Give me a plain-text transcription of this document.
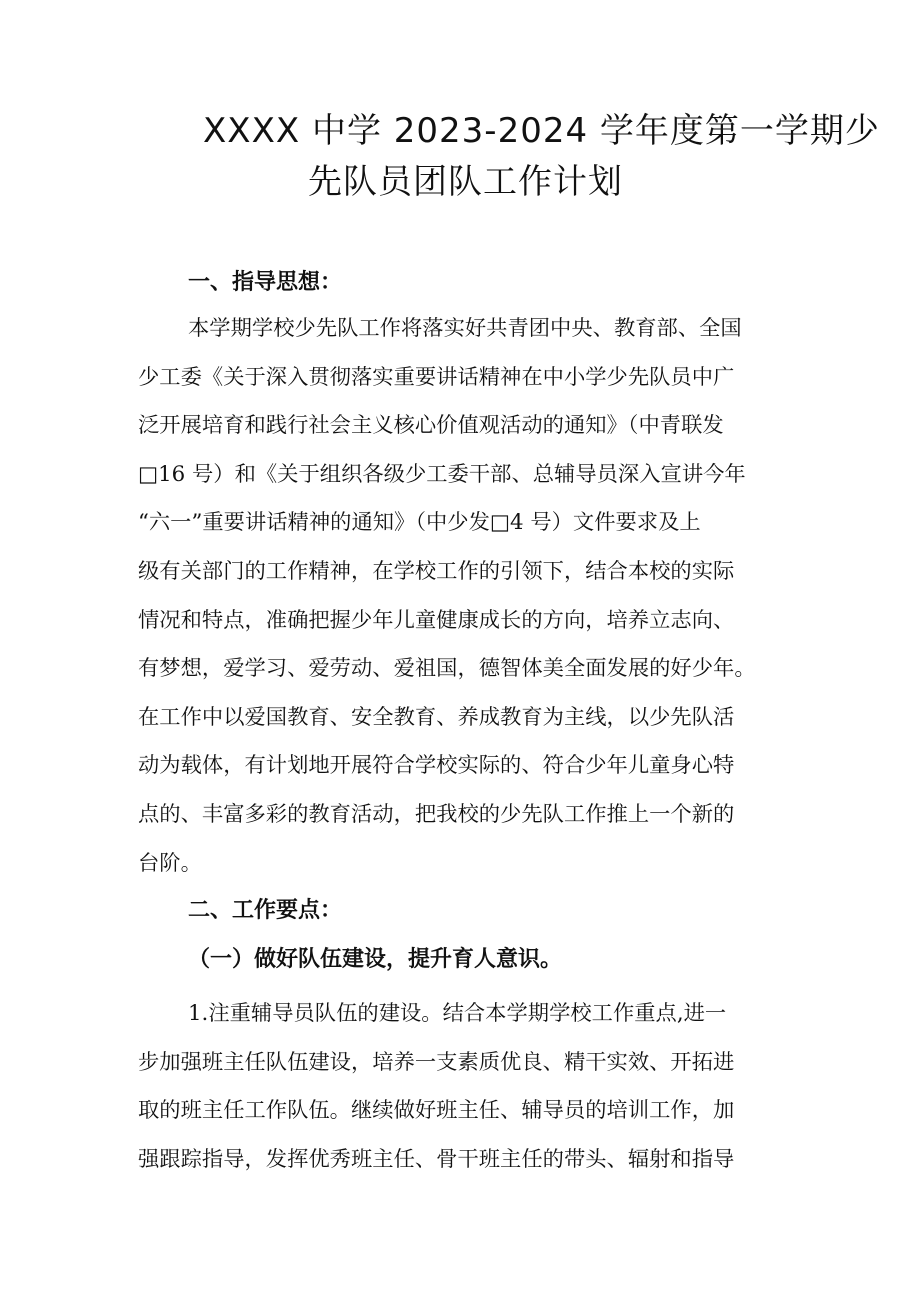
XXXX 中学 2023-2024 学年度第一学期少
先队员团队工作计划
一、指导思想：
本学期学校少先队工作将落实好共青团中央、教育部、全国
少工委《关于深入贯彻落实重要讲话精神在中小学少先队员中广
泛开展培育和践行社会主义核心价值观活动的通知》（中青联发
□16 号）和《关于组织各级少工委干部、总辅导员深入宣讲今年
“六一”重要讲话精神的通知》（中少发□4 号）文件要求及上
级有关部门的工作精神，在学校工作的引领下，结合本校的实际
情况和特点，准确把握少年儿童健康成长的方向，培养立志向、
有梦想，爱学习、爱劳动、爱祖国，德智体美全面发展的好少年。
在工作中以爱国教育、安全教育、养成教育为主线，以少先队活
动为载体，有计划地开展符合学校实际的、符合少年儿童身心特
点的、丰富多彩的教育活动，把我校的少先队工作推上一个新的
台阶。
二、工作要点：
（一）做好队伍建设，提升育人意识。
1.注重辅导员队伍的建设。结合本学期学校工作重点,进一
步加强班主任队伍建设，培养一支素质优良、精干实效、开拓进
取的班主任工作队伍。继续做好班主任、辅导员的培训工作，加
强跟踪指导，发挥优秀班主任、骨干班主任的带头、辐射和指导
